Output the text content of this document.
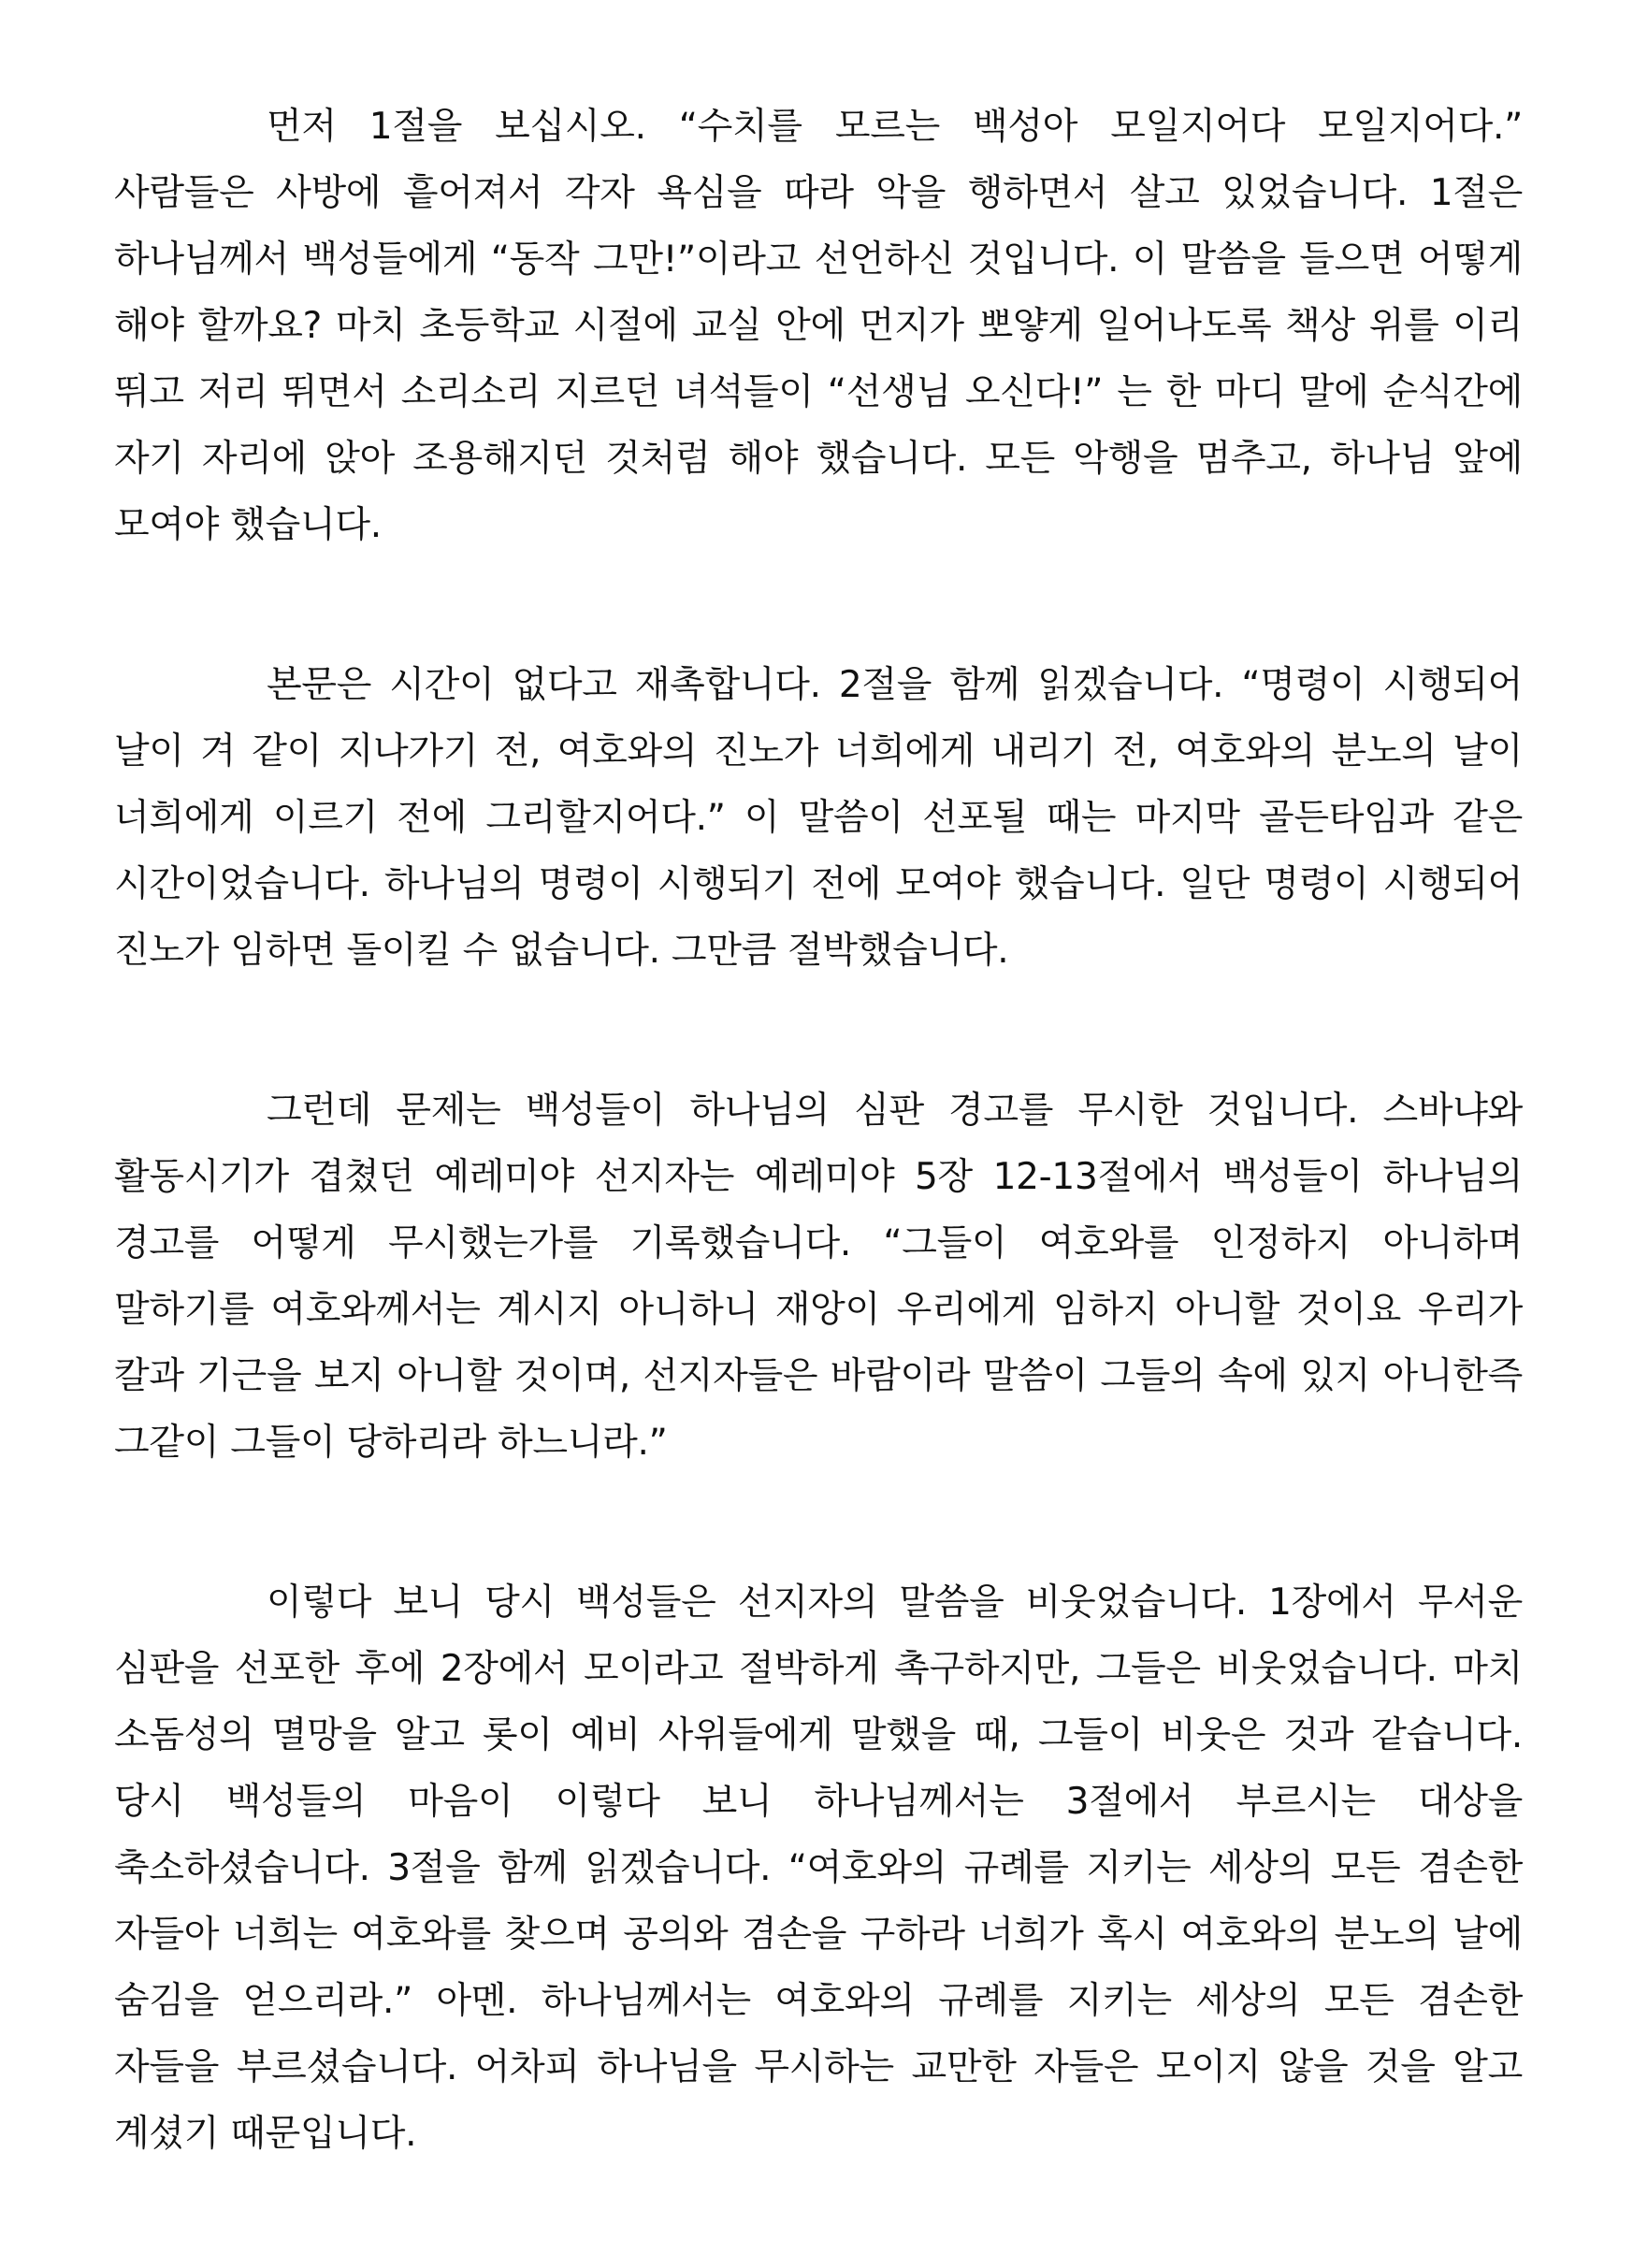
먼저 1절을 보십시오. “수치를 모르는 백성아 모일지어다 모일지어다.” 사람들은 사방에 흩어져서 각자 욕심을 따라 악을 행하면서 살고 있었습니다. 1절은 하나님께서 백성들에게 “동작 그만!”이라고 선언하신 것입니다. 이 말씀을 들으면 어떻게 해야 할까요? 마치 초등학교 시절에 교실 안에 먼지가 뽀얗게 일어나도록 책상 위를 이리 뛰고 저리 뛰면서 소리소리 지르던 녀석들이 “선생님 오신다!” 는 한 마디 말에 순식간에 자기 자리에 앉아 조용해지던 것처럼 해야 했습니다. 모든 악행을 멈추고, 하나님 앞에 모여야 했습니다.

본문은 시간이 없다고 재촉합니다. 2절을 함께 읽겠습니다. “명령이 시행되어 날이 겨 같이 지나가기 전, 여호와의 진노가 너희에게 내리기 전, 여호와의 분노의 날이 너희에게 이르기 전에 그리할지어다.” 이 말씀이 선포될 때는 마지막 골든타임과 같은 시간이었습니다. 하나님의 명령이 시행되기 전에 모여야 했습니다. 일단 명령이 시행되어 진노가 임하면 돌이킬 수 없습니다. 그만큼 절박했습니다.

그런데 문제는 백성들이 하나님의 심판 경고를 무시한 것입니다. 스바냐와 활동시기가 겹쳤던 예레미야 선지자는 예레미야 5장 12-13절에서 백성들이 하나님의 경고를 어떻게 무시했는가를 기록했습니다. “그들이 여호와를 인정하지 아니하며 말하기를 여호와께서는 계시지 아니하니 재앙이 우리에게 임하지 아니할 것이요 우리가 칼과 기근을 보지 아니할 것이며, 선지자들은 바람이라 말씀이 그들의 속에 있지 아니한즉 그같이 그들이 당하리라 하느니라.”

이렇다 보니 당시 백성들은 선지자의 말씀을 비웃었습니다. 1장에서 무서운 심판을 선포한 후에 2장에서 모이라고 절박하게 촉구하지만, 그들은 비웃었습니다. 마치 소돔성의 멸망을 알고 롯이 예비 사위들에게 말했을 때, 그들이 비웃은 것과 같습니다. 당시 백성들의 마음이 이렇다 보니 하나님께서는 3절에서 부르시는 대상을 축소하셨습니다. 3절을 함께 읽겠습니다. “여호와의 규례를 지키는 세상의 모든 겸손한 자들아 너희는 여호와를 찾으며 공의와 겸손을 구하라 너희가 혹시 여호와의 분노의 날에 숨김을 얻으리라.” 아멘. 하나님께서는 여호와의 규례를 지키는 세상의 모든 겸손한 자들을 부르셨습니다. 어차피 하나님을 무시하는 교만한 자들은 모이지 않을 것을 알고 계셨기 때문입니다.
